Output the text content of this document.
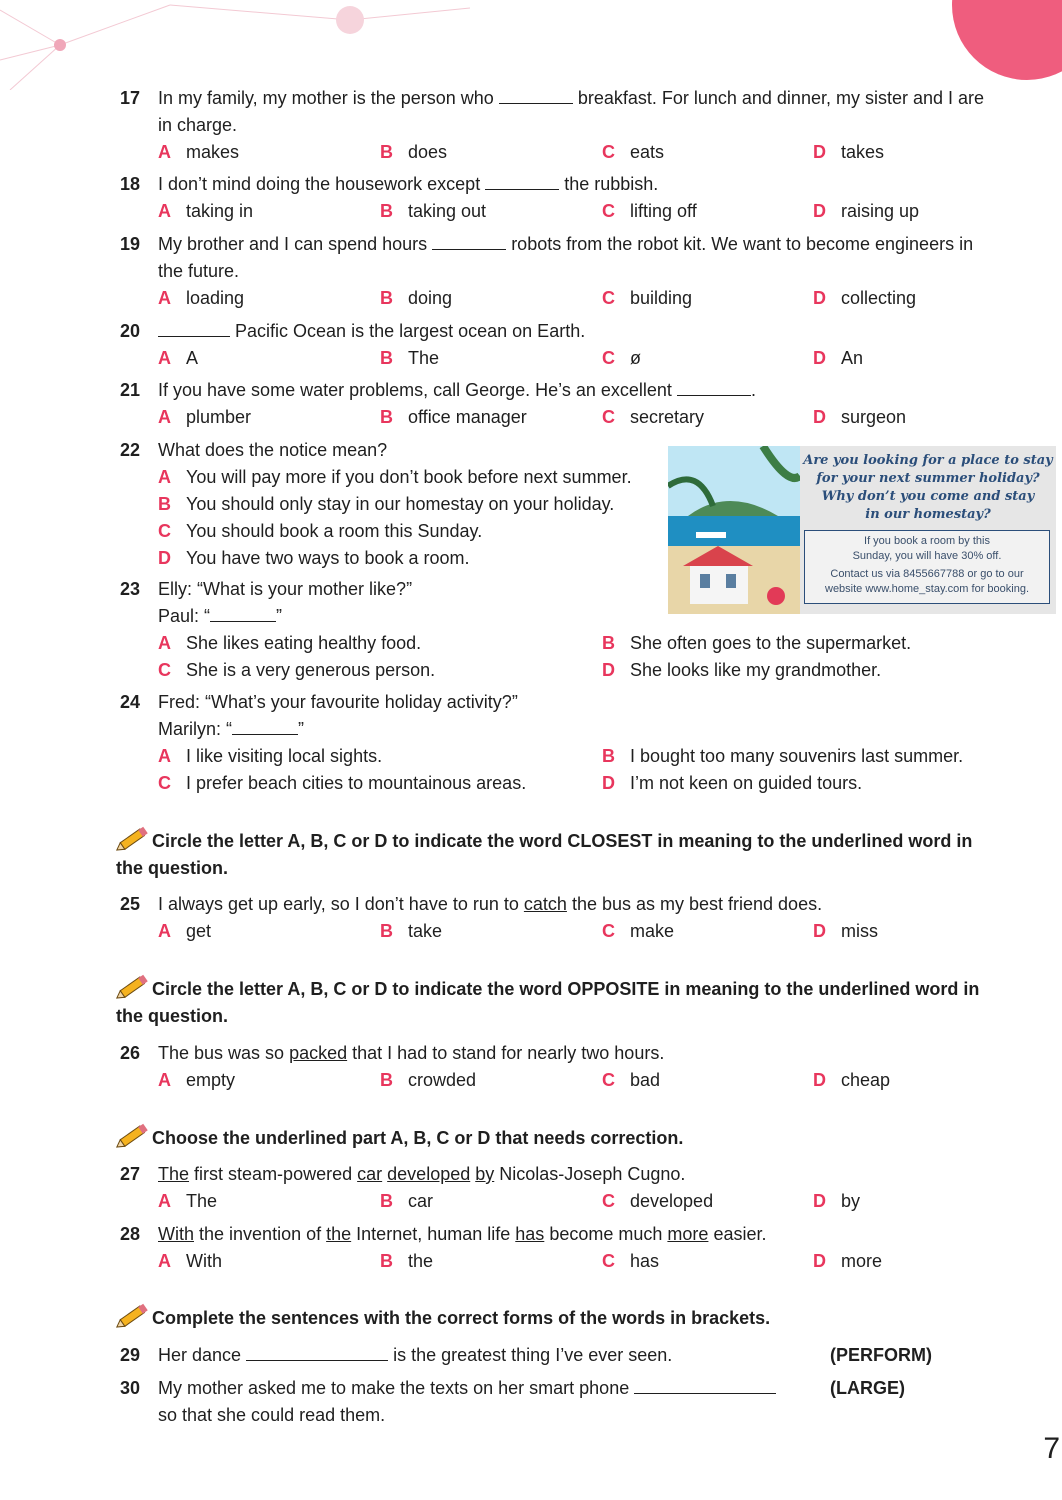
17 In my family, my mother is the person who	breakfast. For lunch and dinner, my sister and I are
in charge.
A makes	B does	C eats	D takes
18 I don’t mind doing the housework except	the rubbish.
A taking in	B taking out	C lifting off	D raising up
19 My brother and I can spend hours	robots from the robot kit. We want to become engineers in
the future.
A loading	B doing	C building	D collecting
20	Pacific Ocean is the largest ocean on Earth.
A A	B The	C ø	D An
21 If you have some water problems, call George. He’s an excellent	.
A plumber	B office manager	C secretary	D surgeon
22 What does the notice mean?
A You will pay more if you don’t book before next summer.
B You should only stay in our homestay on your holiday.
C You should book a room this Sunday.
D You have two ways to book a room.
Are you looking for a place to stay
for your next summer holiday?
Why don’t you come and stay
in our homestay?

If you book a room by this

Sunday, you will have 30% off.

Contact us via 8455667788 or go to our

website www.home_stay.com for booking.
23 Elly: “What is your mother like?”
Paul: “	”
A She likes eating healthy food.	B She often goes to the supermarket.
C She is a very generous person.	D She looks like my grandmother.
24 Fred: “What’s your favourite holiday activity?”
Marilyn: “	”
A I like visiting local sights.	B I bought too many souvenirs last summer.
C I prefer beach cities to mountainous areas.	D I’m not keen on guided tours.
Circle the letter A, B, C or D to indicate the word CLOSEST in meaning to the underlined word in
the question.
25 I always get up early, so I don’t have to run to catch the bus as my best friend does.
A get	B take	C make	D miss
Circle the letter A, B, C or D to indicate the word OPPOSITE in meaning to the underlined word in
the question.
26 The bus was so packed that I had to stand for nearly two hours.
A empty	B crowded	C bad	D cheap
Choose the underlined part A, B, C or D that needs correction.
27 The first steam-powered car developed by Nicolas-Joseph Cugno.
A The	B car	C developed	D by
28 With the invention of the Internet, human life has become much more easier.
A With	B the	C has	D more
Complete the sentences with the correct forms of the words in brackets.
29 Her dance	is the greatest thing I’ve ever seen.	(PERFORM)
30 My mother asked me to make the texts on her smart phone
so that she could read them.
(LARGE)
7
